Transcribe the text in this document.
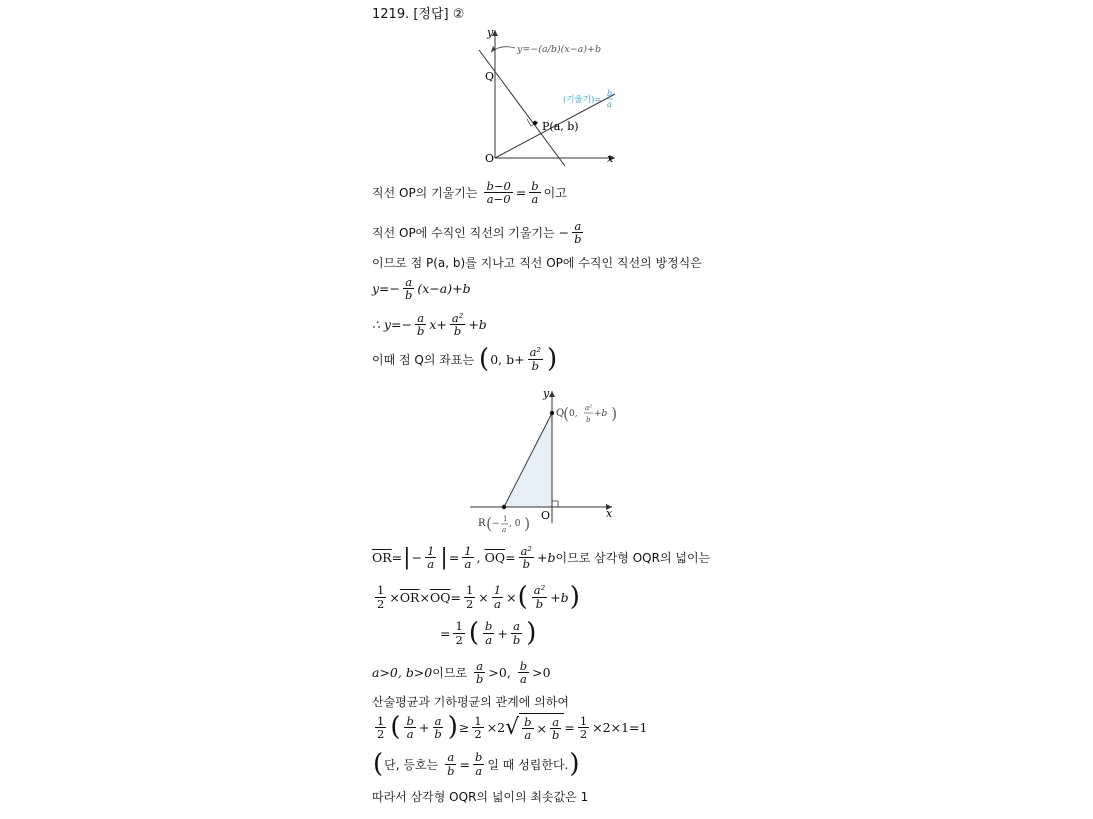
1219. [정답] ②
y
x
O
Q
P(a, b)
y=−(a/b)(x−a)+b
(기울기)=
b
a
직선 OP의 기울기는
$\frac{b-0}{a-0} = \frac{b}{a}$ 이고
직선 OP에 수직인 직선의 기울기는
− $\frac{a}{b}$
이므로 점 P(a, b)를 지나고 직선 OP에 수직인 직선의 방정식은
$y=- \frac{a}{b} (x-a)+b$
∴ $y=- \frac{a}{b} x+ \frac{\text{a²}}{b} +b$
이때 점 Q의 좌표는
( 0, $b+ \frac{\text{a²}}{b}$ )
y
x
O
Q
( 0,
a²
b
+b )
R ( − 1
a
, 0 )
$\overline{OR}$ = | − $\frac{1}{a}$ | = $\frac{1}{a}$ ,
$\overline{OQ} = \frac{\text{a²}}{b} +b$ 이므로 삼각형 OQR의 넓이는
$\frac{1}{2} \times \overline{OR} \times \overline{OQ} = \frac{1}{2} \times \frac{1}{a}$ × ( $\frac{\text{a²}}{b} +b$ )
= $\frac{1}{2}$ ( $\frac{b}{a} + \frac{a}{b}$ )
a>0, b>0 이므로
$\frac{a}{b} >0$,
$\frac{b}{a} >0$
산술평균과 기하평균의 관계에 의하여
$\frac{1}{2}$ ( $\frac{b}{a} + \frac{a}{b}$ ) ≥ $\frac{1}{2} \times 2$ √ $\frac{b}{a} \times \frac{a}{b} = \frac{1}{2} \times 2\times 1=1$
( 단, 등호는
$\frac{a}{b} = \frac{b}{a}$ 일 때 성립한다. )
따라서 삼각형 OQR의 넓이의 최솟값은 1
